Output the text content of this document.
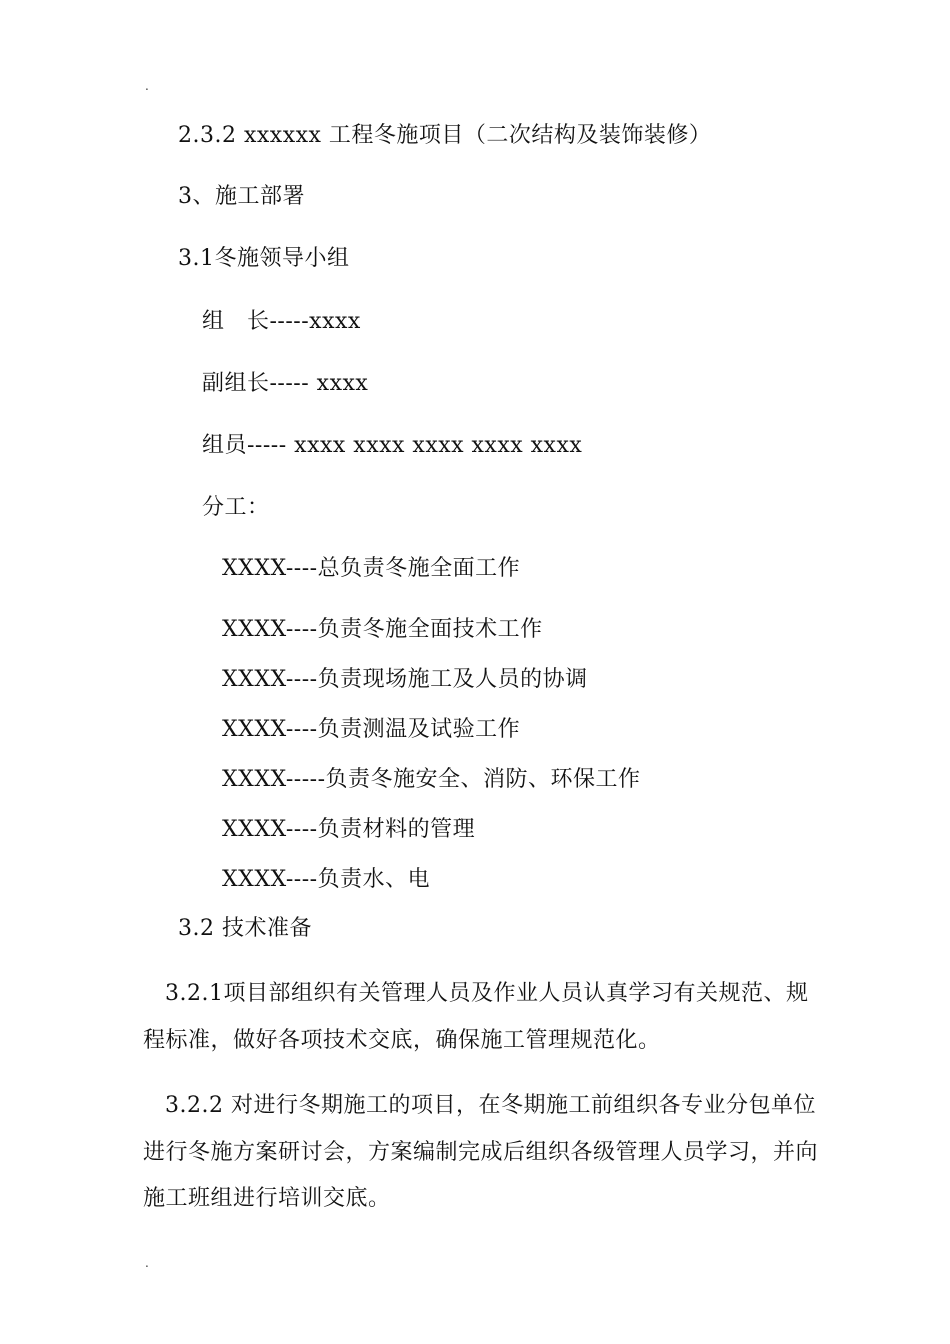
.
2.3.2 xxxxxx 工程冬施项目（二次结构及装饰装修）
3、施工部署
3.1冬施领导小组
组　长-----xxxx
副组长----- xxxx
组员----- xxxx xxxx xxxx xxxx xxxx
分工：
XXXX----总负责冬施全面工作
XXXX----负责冬施全面技术工作
XXXX----负责现场施工及人员的协调
XXXX----负责测温及试验工作
XXXX-----负责冬施安全、消防、环保工作
XXXX----负责材料的管理
XXXX----负责水、电
3.2 技术准备
3.2.1项目部组织有关管理人员及作业人员认真学习有关规范、规
程标准，做好各项技术交底，确保施工管理规范化。
3.2.2 对进行冬期施工的项目，在冬期施工前组织各专业分包单位
进行冬施方案研讨会，方案编制完成后组织各级管理人员学习，并向
施工班组进行培训交底。
.
